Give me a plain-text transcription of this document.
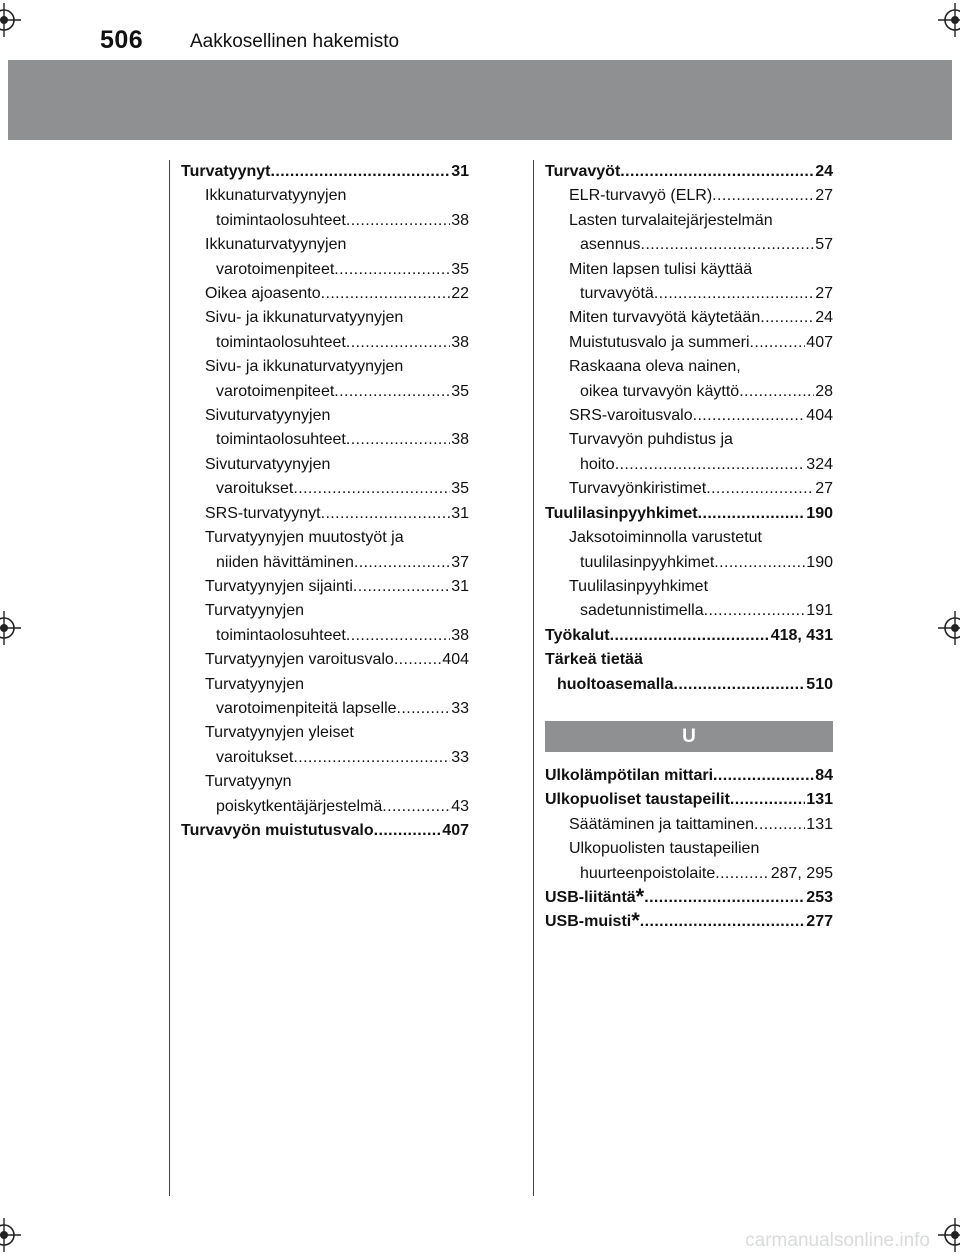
506 Aakkosellinen hakemisto
Turvatyynyt .....	31
Ikkunaturvatyynyjen
toimintaolosuhteet .....	38
Ikkunaturvatyynyjen
varotoimenpiteet .....	35
Oikea ajoasento .....	22
Sivu- ja ikkunaturvatyynyjen
toimintaolosuhteet .....	38
Sivu- ja ikkunaturvatyynyjen
varotoimenpiteet .....	35
Sivuturvatyynyjen
toimintaolosuhteet .....	38
Sivuturvatyynyjen
varoitukset .....	35
SRS-turvatyynyt .....	31
Turvatyynyjen muutostyöt ja
niiden hävittäminen .....	37
Turvatyynyjen sijainti .....	31
Turvatyynyjen
toimintaolosuhteet .....	38
Turvatyynyjen varoitusvalo .....	404
Turvatyynyjen
varotoimenpiteitä lapselle .....	33
Turvatyynyjen yleiset
varoitukset .....	33
Turvatyynyn
poiskytkentäjärjestelmä .....	43
Turvavyön muistutusvalo .....	407
Turvavyöt .....	24
ELR-turvavyö (ELR) .....	27
Lasten turvalaitejärjestelmän
asennus .....	57
Miten lapsen tulisi käyttää
turvavyötä .....	27
Miten turvavyötä käytetään .....	24
Muistutusvalo ja summeri .....	407
Raskaana oleva nainen,
oikea turvavyön käyttö .....	28
SRS-varoitusvalo .....	404
Turvavyön puhdistus ja
hoito .....	324
Turvavyönkiristimet .....	27
Tuulilasinpyyhkimet .....	190
Jaksotoiminnolla varustetut
tuulilasinpyyhkimet .....	190
Tuulilasinpyyhkimet
sadetunnistimella .....	191
Työkalut .....	418, 431
Tärkeä tietää
huoltoasemalla .....	510
U
Ulkolämpötilan mittari .....	84
Ulkopuoliset taustapeilit .....	131
Säätäminen ja taittaminen .....	131
Ulkopuolisten taustapeilien
huurteenpoistolaite .....	287, 295
USB-liitäntä * .....	253
USB-muisti * .....	277
carmanualsonline.info
